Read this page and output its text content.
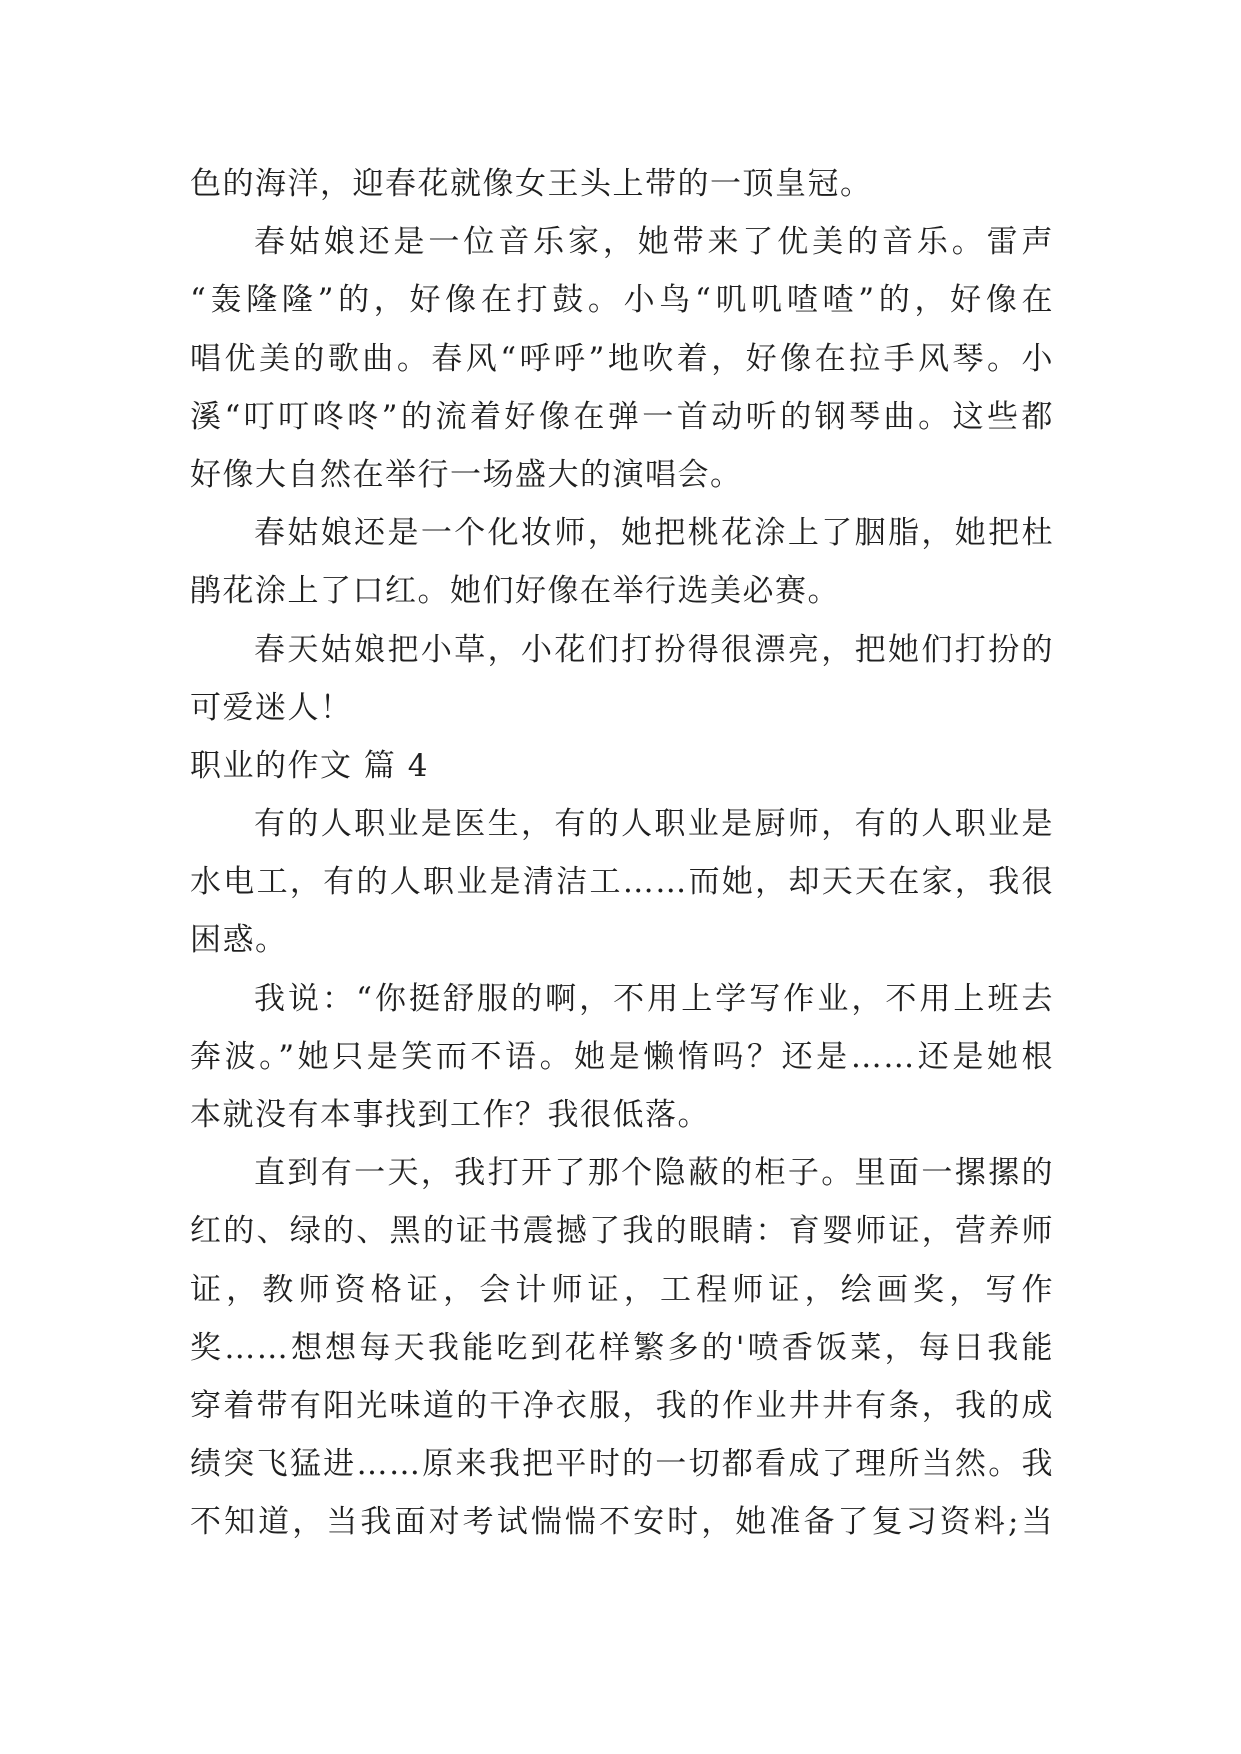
色的海洋，迎春花就像女王头上带的一顶皇冠。
春姑娘还是一位音乐家，她带来了优美的音乐。雷声
“轰隆隆”的，好像在打鼓。小鸟“叽叽喳喳”的，好像在
唱优美的歌曲。春风“呼呼”地吹着，好像在拉手风琴。小
溪“叮叮咚咚”的流着好像在弹一首动听的钢琴曲。这些都
好像大自然在举行一场盛大的演唱会。
春姑娘还是一个化妆师，她把桃花涂上了胭脂，她把杜
鹃花涂上了口红。她们好像在举行选美必赛。
春天姑娘把小草，小花们打扮得很漂亮，把她们打扮的
可爱迷人！
职业的作文 篇 4
有的人职业是医生，有的人职业是厨师，有的人职业是
水电工，有的人职业是清洁工……而她，却天天在家，我很
困惑。
我说：“你挺舒服的啊，不用上学写作业，不用上班去
奔波。”她只是笑而不语。她是懒惰吗？还是……还是她根
本就没有本事找到工作？我很低落。
直到有一天，我打开了那个隐蔽的柜子。里面一摞摞的
红的、绿的、黑的证书震撼了我的眼睛：育婴师证，营养师
证，教师资格证，会计师证，工程师证，绘画奖，写作
奖……想想每天我能吃到花样繁多的'喷香饭菜，每日我能
穿着带有阳光味道的干净衣服，我的作业井井有条，我的成
绩突飞猛进……原来我把平时的一切都看成了理所当然。我
不知道，当我面对考试惴惴不安时，她准备了复习资料;当
